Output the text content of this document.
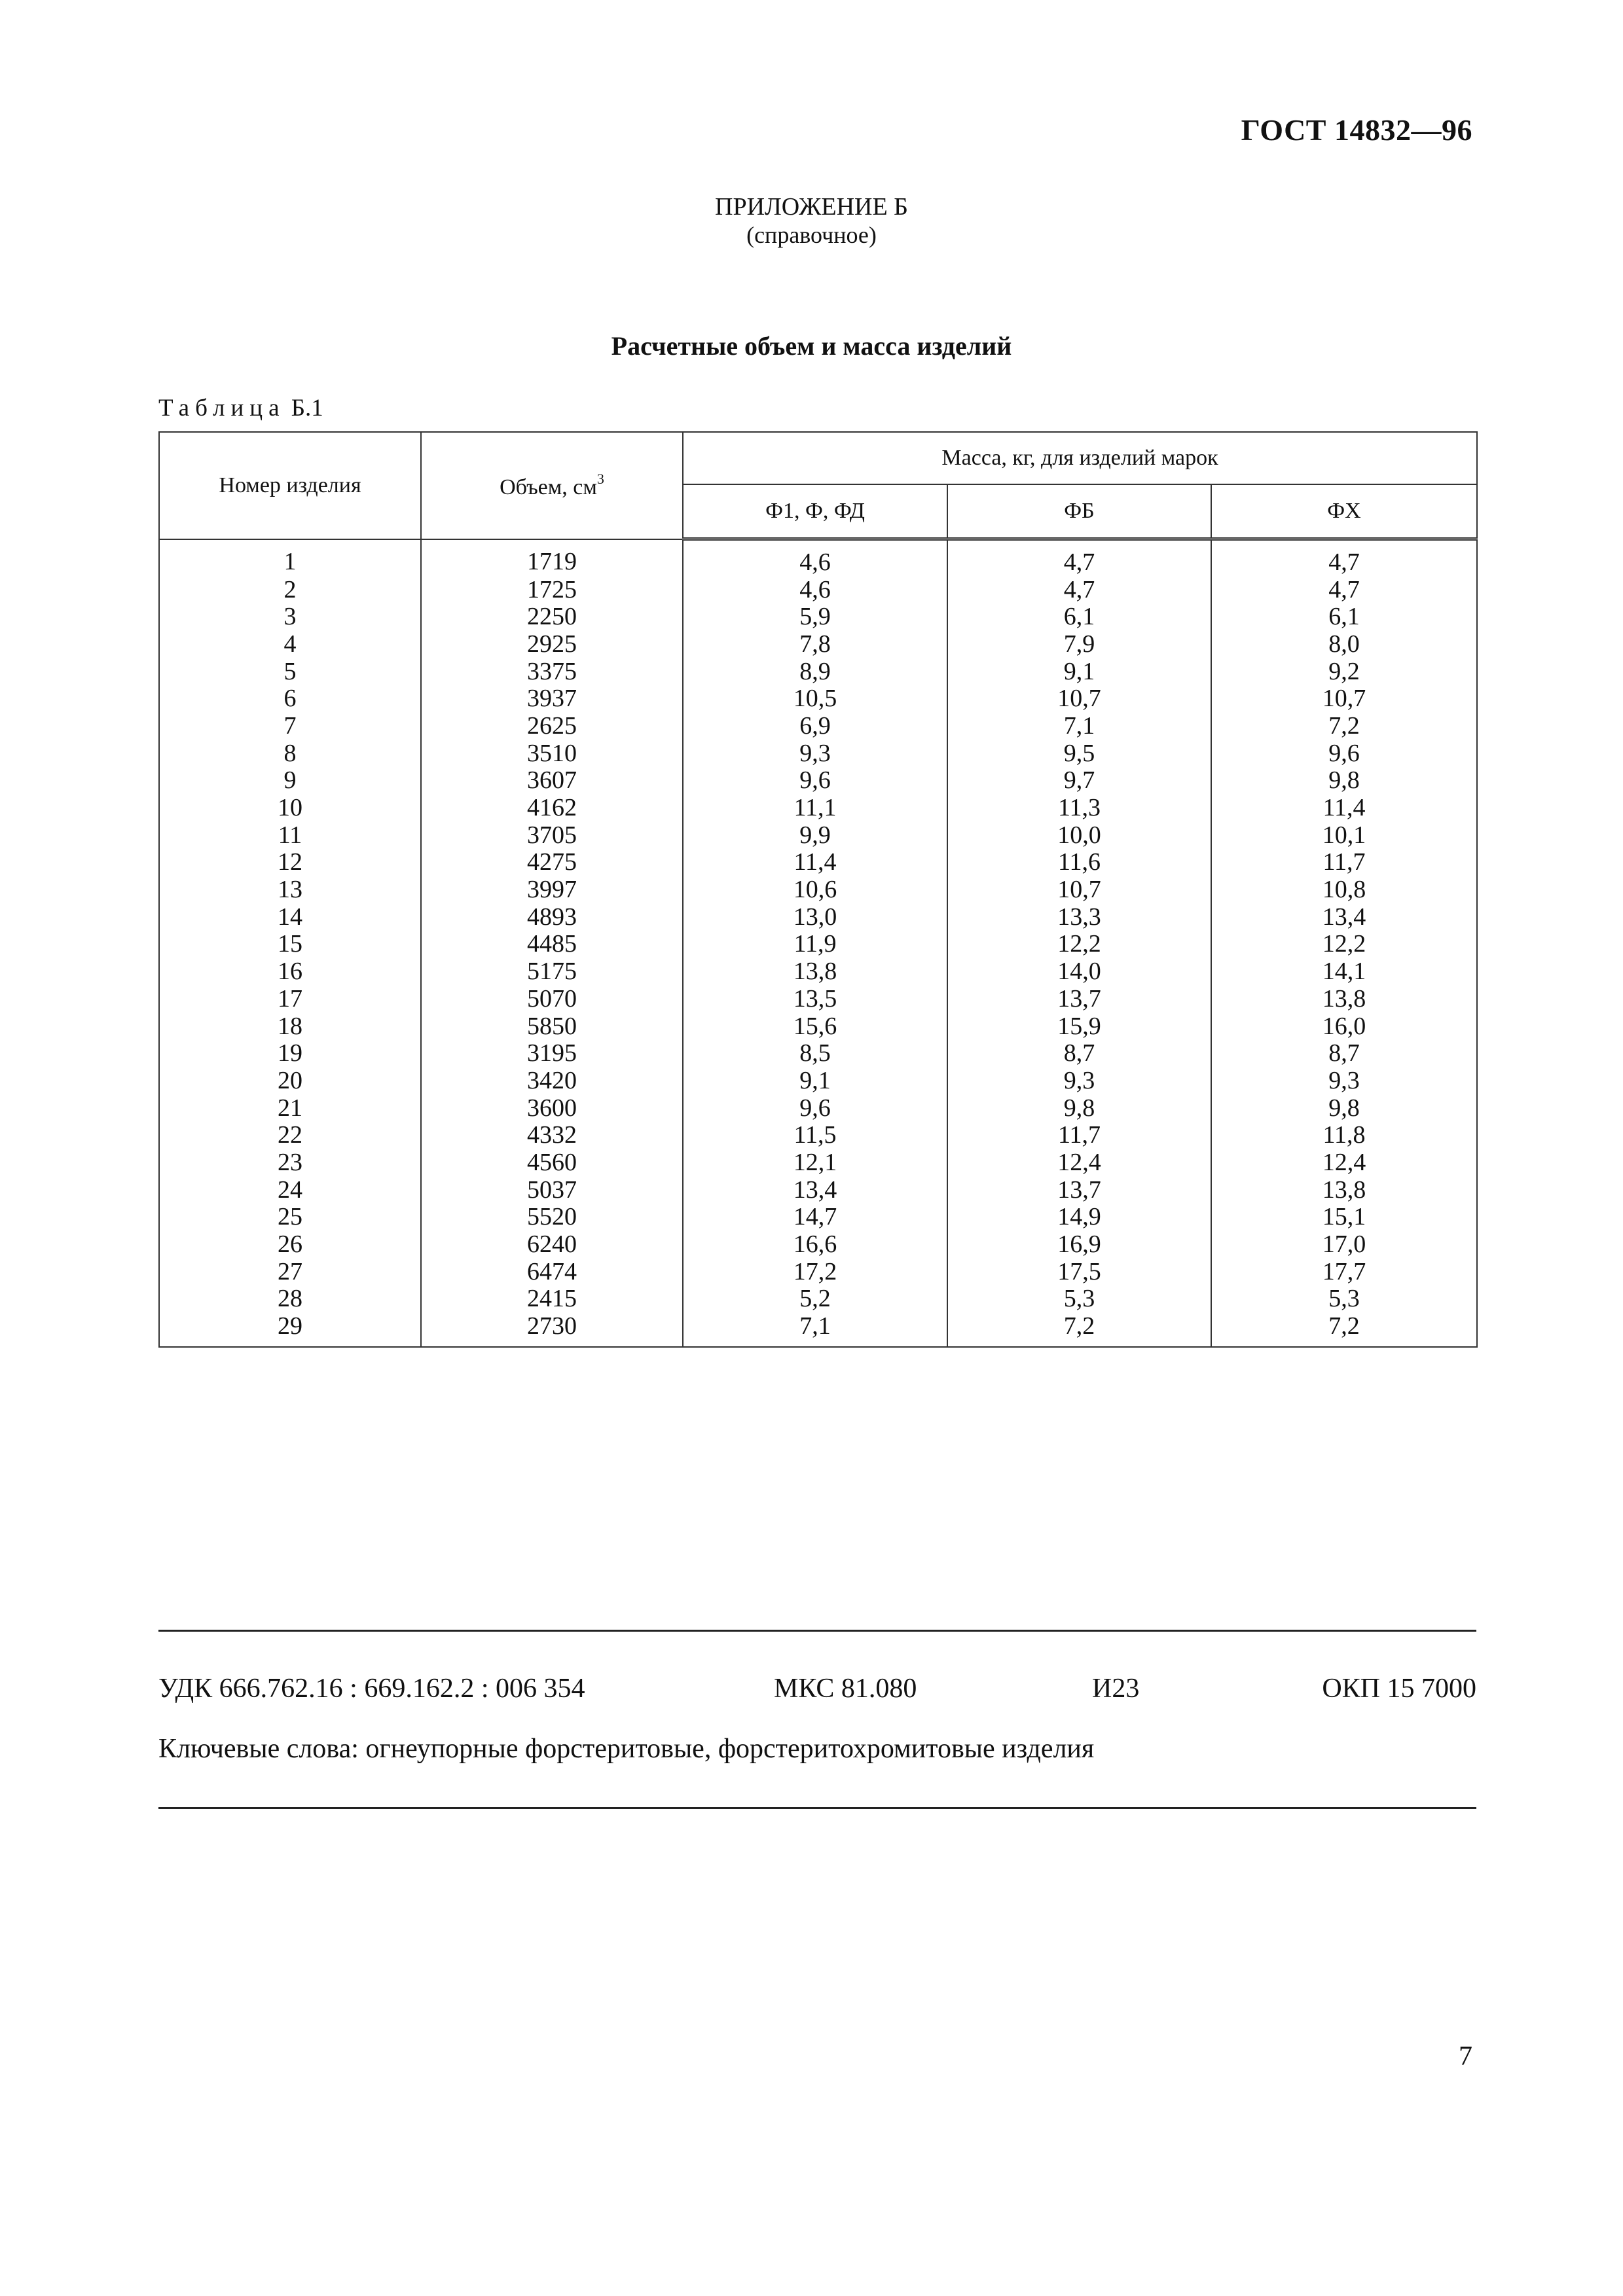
ГОСТ 14832—96
ПРИЛОЖЕНИЕ Б
(справочное)
Расчетные объем и масса изделий
Таблица Б.1
Номер изделия	Объем, $см^3$	Масса, кг, для изделий марок		
		Ф1, Ф, ФД	ФБ	ФХ
1	1719	4,6	4,7	4,7
2	1725	4,6	4,7	4,7
3	2250	5,9	6,1	6,1
4	2925	7,8	7,9	8,0
5	3375	8,9	9,1	9,2
6	3937	10,5	10,7	10,7
7	2625	6,9	7,1	7,2
8	3510	9,3	9,5	9,6
9	3607	9,6	9,7	9,8
10	4162	11,1	11,3	11,4
11	3705	9,9	10,0	10,1
12	4275	11,4	11,6	11,7
13	3997	10,6	10,7	10,8
14	4893	13,0	13,3	13,4
15	4485	11,9	12,2	12,2
16	5175	13,8	14,0	14,1
17	5070	13,5	13,7	13,8
18	5850	15,6	15,9	16,0
19	3195	8,5	8,7	8,7
20	3420	9,1	9,3	9,3
21	3600	9,6	9,8	9,8
22	4332	11,5	11,7	11,8
23	4560	12,1	12,4	12,4
24	5037	13,4	13,7	13,8
25	5520	14,7	14,9	15,1
26	6240	16,6	16,9	17,0
27	6474	17,2	17,5	17,7
28	2415	5,2	5,3	5,3
29	2730	7,1	7,2	7,2
УДК 666.762.16 : 669.162.2 : 006 354	МКС 81.080	И23	ОКП 15 7000
Ключевые слова: огнеупорные форстеритовые, форстеритохромитовые изделия
7
